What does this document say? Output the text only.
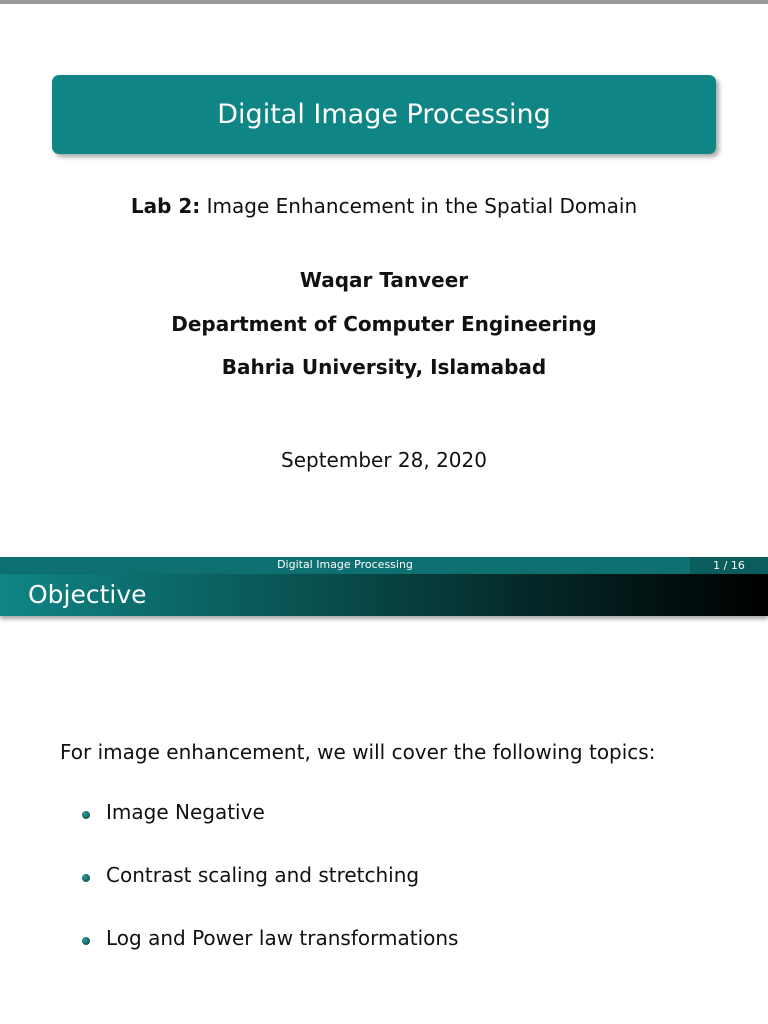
Digital Image Processing
Lab 2: Image Enhancement in the Spatial Domain
Waqar Tanveer
Department of Computer Engineering
Bahria University, Islamabad
September 28, 2020
Digital Image Processing	1 / 16
Objective
For image enhancement, we will cover the following topics:
Image Negative
Contrast scaling and stretching
Log and Power law transformations
